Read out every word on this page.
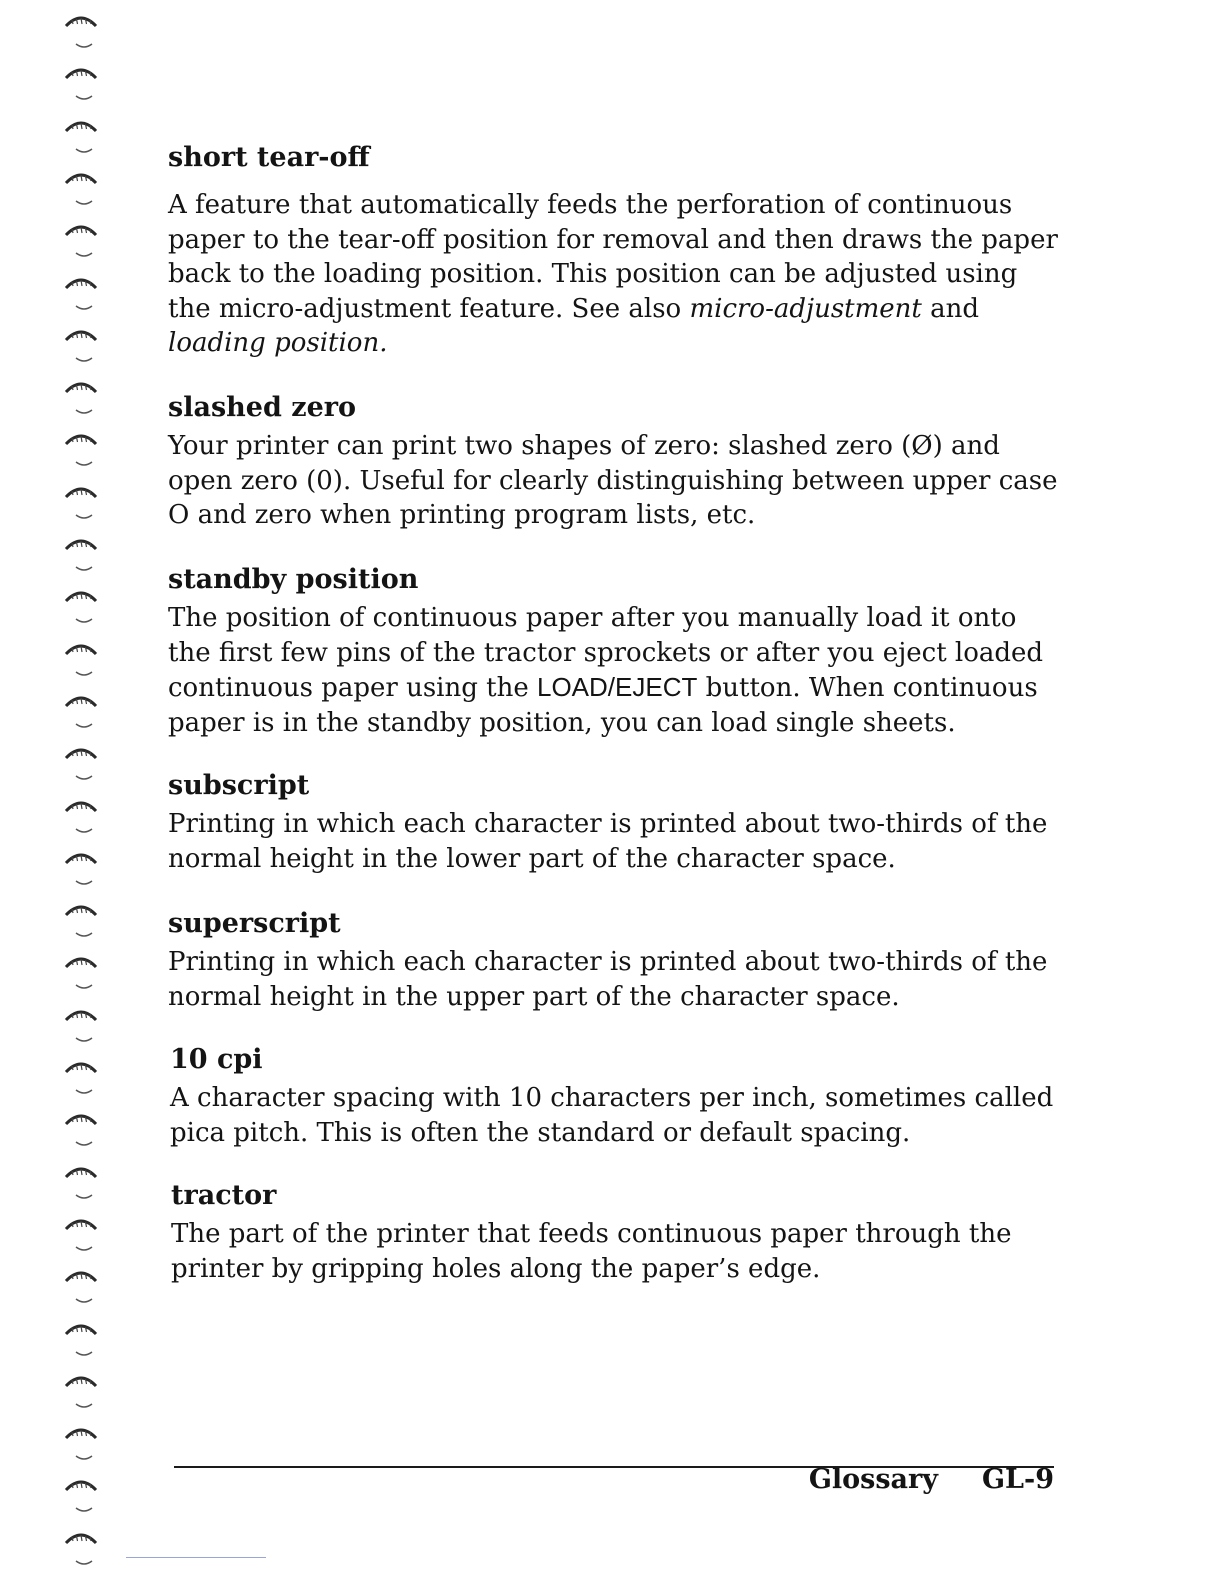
short tear-off

A feature that automatically feeds the perforation of continuous paper to the tear-off position for removal and then draws the paper back to the loading position. This position can be adjusted using the micro-adjustment feature. See also micro-adjustment and loading position.

slashed zero

Your printer can print two shapes of zero: slashed zero (Ø) and open zero (0). Useful for clearly distinguishing between upper case O and zero when printing program lists, etc.

standby position

The position of continuous paper after you manually load it onto the first few pins of the tractor sprockets or after you eject loaded continuous paper using the LOAD/EJECT button. When continuous paper is in the standby position, you can load single sheets.

subscript

Printing in which each character is printed about two-thirds of the normal height in the lower part of the character space.

superscript

Printing in which each character is printed about two-thirds of the normal height in the upper part of the character space.

10 cpi

A character spacing with 10 characters per inch, sometimes called pica pitch. This is often the standard or default spacing.

tractor

The part of the printer that feeds continuous paper through the printer by gripping holes along the paper’s edge.

Glossary GL-9
